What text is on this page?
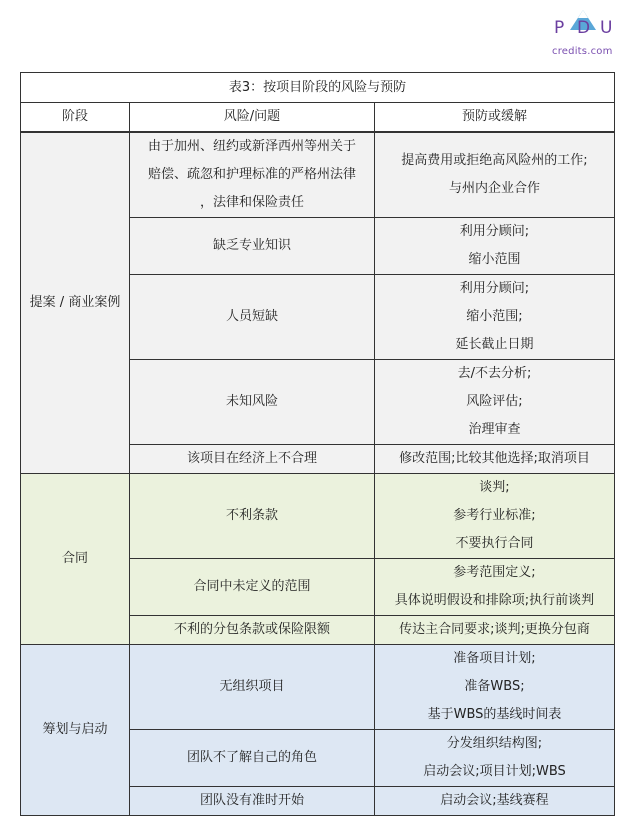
P D U
credits.com
表3：按项目阶段的风险与预防		
阶段	风险/问题	预防或缓解
提案 / 商业案例	由于加州、纽约或新泽西州等州关于
赔偿、疏忽和护理标准的严格州法律
，法律和保险责任	提高费用或拒绝高风险州的工作;
与州内企业合作

	缺乏专业知识	利用分顾问;
缩小范围

	人员短缺	利用分顾问;
缩小范围;
延长截止日期

	未知风险	去/不去分析;
风险评估;
治理审查

	该项目在经济上不合理	修改范围;比较其他选择;取消项目

合同	不利条款	谈判;
参考行业标准;
不要执行合同

	合同中未定义的范围	参考范围定义;
具体说明假设和排除项;执行前谈判

	不利的分包条款或保险限额	传达主合同要求;谈判;更换分包商

筹划与启动	无组织项目	准备项目计划;
准备WBS;
基于WBS的基线时间表

	团队不了解自己的角色	分发组织结构图;
启动会议;项目计划;WBS

	团队没有准时开始	启动会议;基线赛程
